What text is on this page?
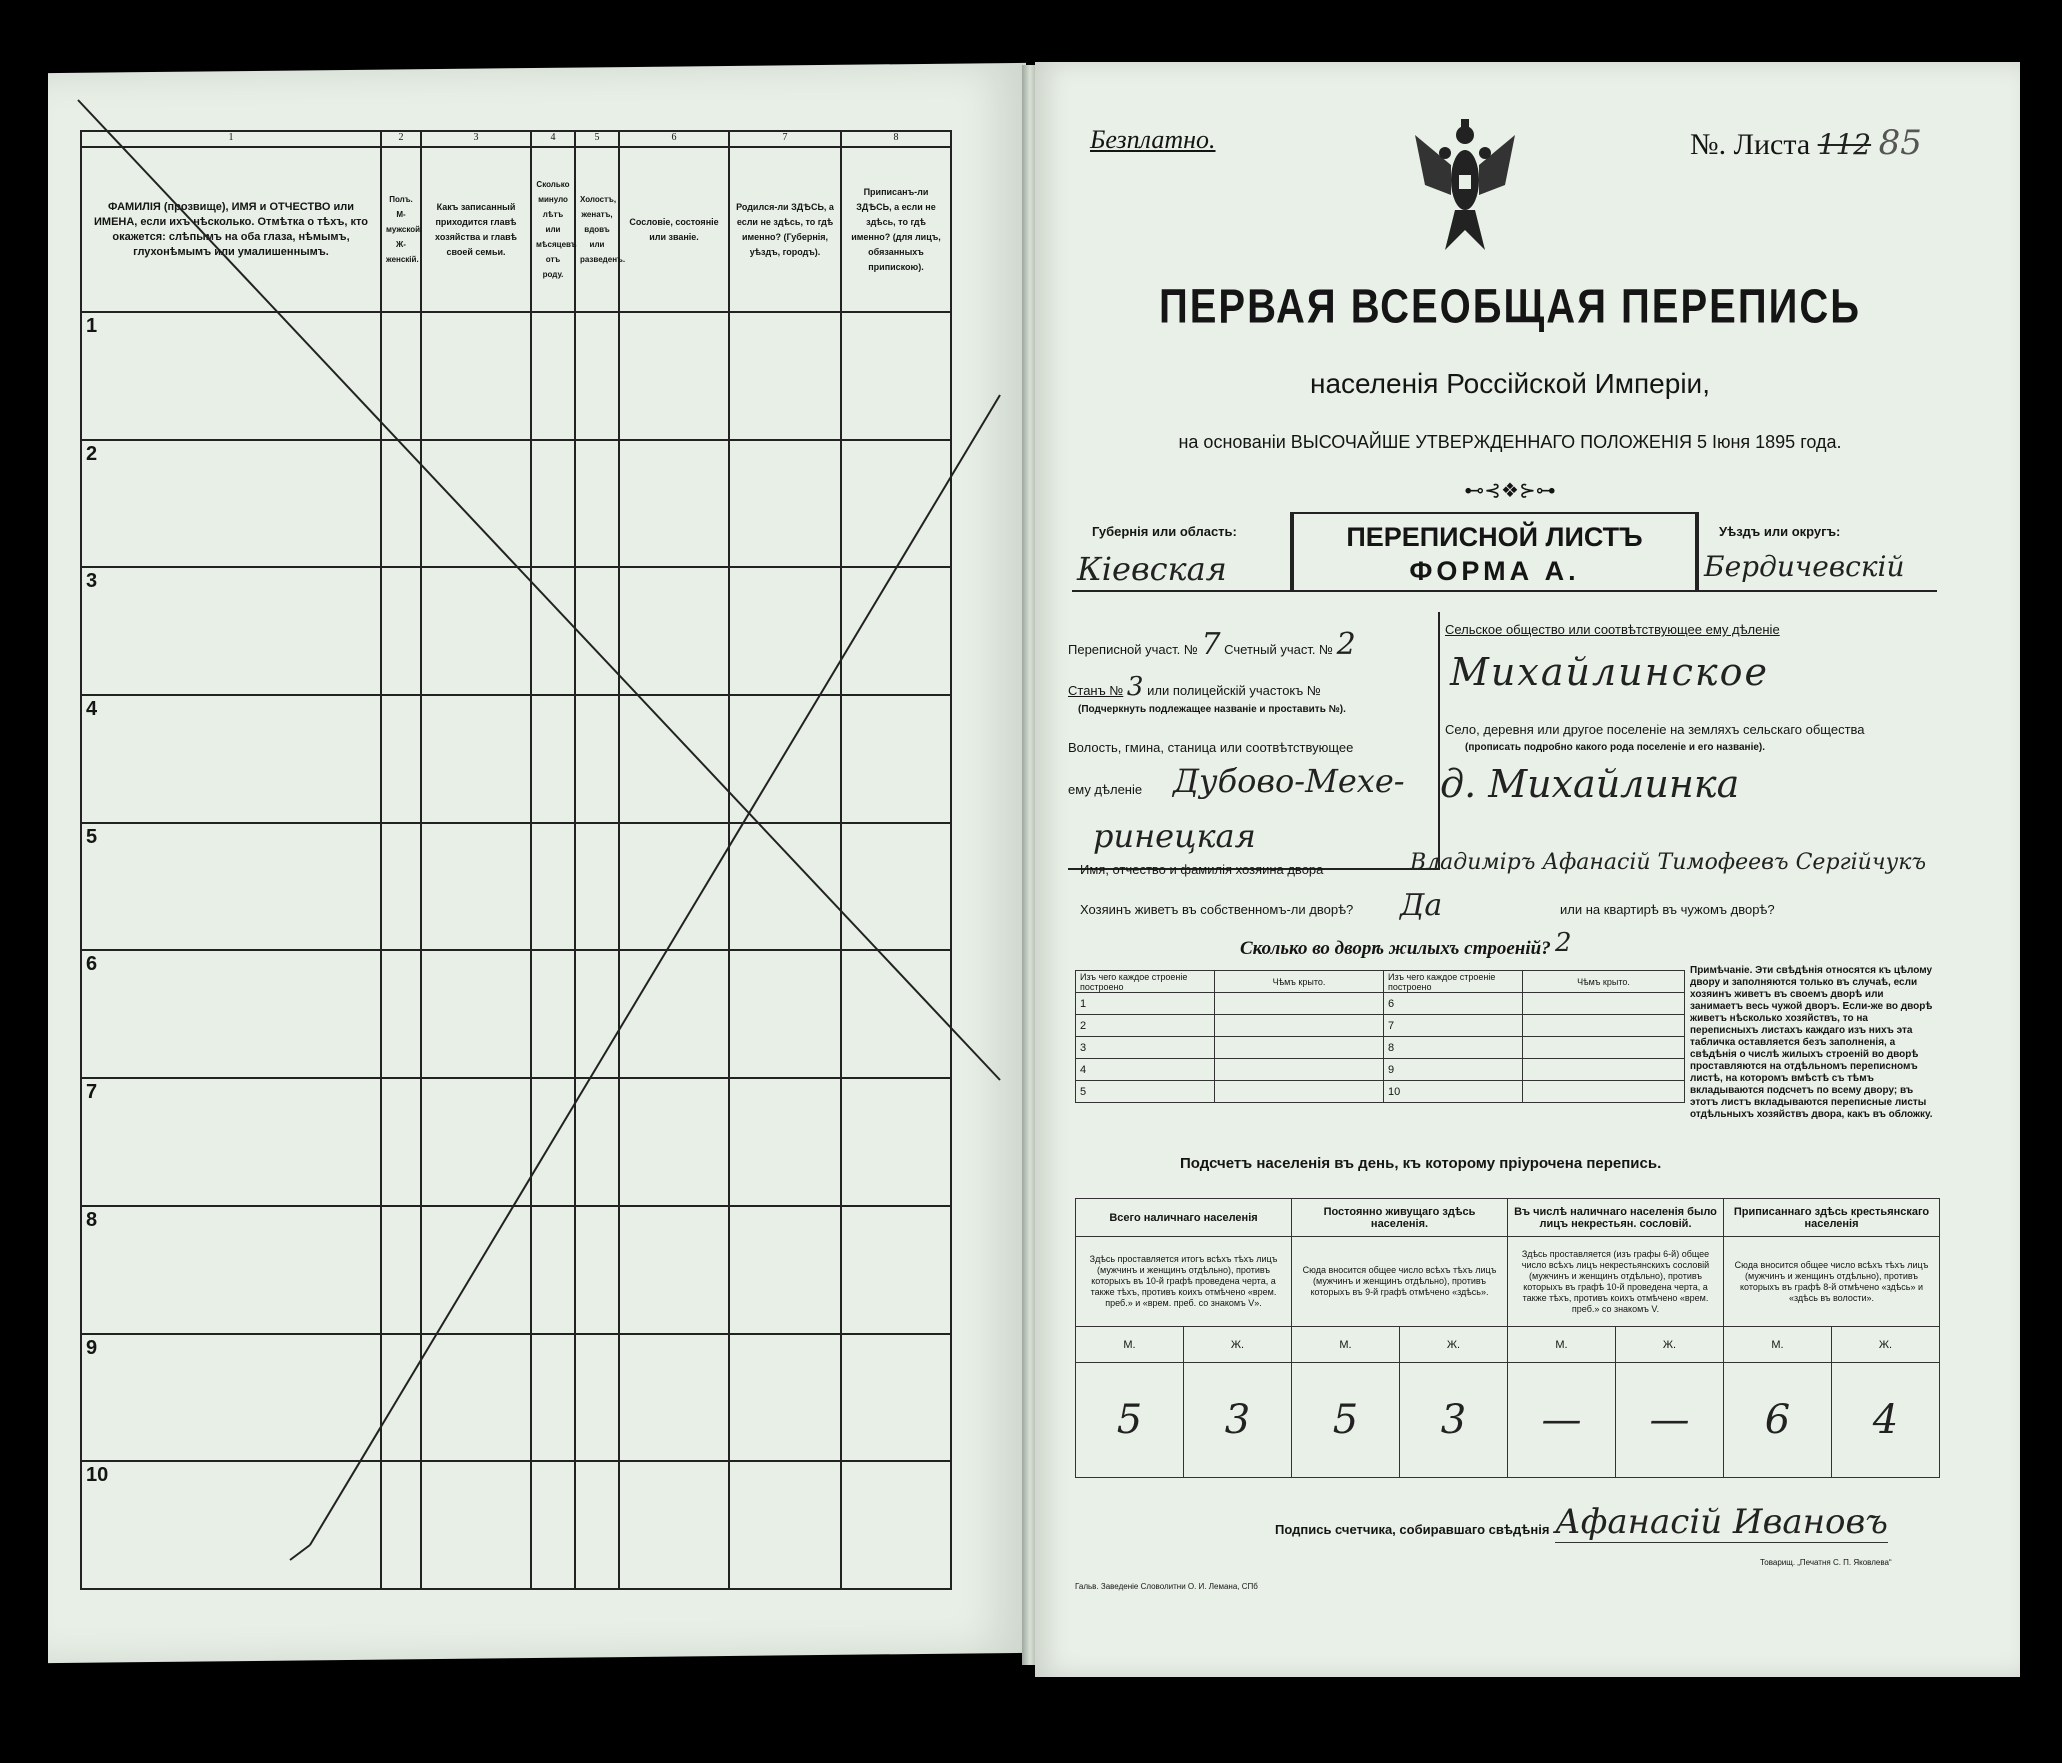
1	2	3	4	5	6	7	8
ФАМИЛІЯ (прозвище), ИМЯ и ОТЧЕСТВО или ИМЕНА, если ихъ нѣсколько. Отмѣтка о тѣхъ, кто окажется: слѣпымъ на оба глаза, нѣмымъ, глухонѣмымъ или умалишеннымъ.	Полъ. М-мужской. Ж-женскій.	Какъ записанный приходится главѣ хозяйства и главѣ своей семьи.	Сколько минуло лѣтъ или мѣсяцевъ отъ роду.	Холостъ, женатъ, вдовъ или разведенъ.	Сословіе, состояніе или званіе.	Родился-ли ЗДѢСЬ, а если не здѣсь, то гдѣ именно? (Губернія, уѣздъ, городъ).	Приписанъ-ли ЗДѢСЬ, а если не здѣсь, то гдѣ именно? (для лицъ, обязанныхъ припискою).
1							
2							
3							
4							
5							
6							
7							
8							
9							
10							
Безплатно.	№. Листа 112 85
ПЕРВАЯ ВСЕОБЩАЯ ПЕРЕПИСЬ
населенія Россійской Имперіи,
на основаніи ВЫСОЧАЙШЕ УТВЕРЖДЕННАГО ПОЛОЖЕНІЯ 5 Іюня 1895 года.
⊷⊰❖⊱⊶
Губернія или область:
Кіевская
ПЕРЕПИСНОЙ ЛИСТЪ
ФОРМА А.
Уѣздъ или округъ:
Бердичевскій
Переписной участ. № 7 Счетный участ. № 2
Станъ № 3 или полицейскій участокъ №
(Подчеркнуть подлежащее названіе и проставить №).
Волость, гмина, станица или соотвѣтствующее
ему дѣленіе Дубово-Мехе-
ринецкая
Сельское общество или соотвѣтствующее ему дѣленіе
Михайлинское
Село, деревня или другое поселеніе на земляхъ сельскаго общества
(прописать подробно какого рода поселеніе и его названіе).
д. Михайлинка
Имя, отчество и фамилія хозяина двора	Владиміръ Афанасій Тимофеевъ Сергійчукъ
Хозяинъ живетъ въ собственномъ-ли дворѣ? Да	или на квартирѣ въ чужомъ дворѣ?
Сколько во дворѣ жилыхъ строеній? 2
Изъ чего каждое строеніе построено	Чѣмъ крыто.	Изъ чего каждое строеніе построено	Чѣмъ крыто.
1		6	
2		7	
3		8	
4		9	
5		10	
Примѣчаніе. Эти свѣдѣнія относятся къ цѣлому двору и заполняются только въ случаѣ, если хозяинъ живетъ въ своемъ дворѣ или занимаетъ весь чужой дворъ. Если-же во дворѣ живетъ нѣсколько хозяйствъ, то на переписныхъ листахъ каждаго изъ нихъ эта табличка оставляется безъ заполненія, а свѣдѣнія о числѣ жилыхъ строеній во дворѣ проставляются на отдѣльномъ переписномъ листѣ, на которомъ вмѣстѣ съ тѣмъ вкладываются подсчетъ по всему двору; въ этотъ листъ вкладываются переписные листы отдѣльныхъ хозяйствъ двора, какъ въ обложку.
Подсчетъ населенія въ день, къ которому пріурочена перепись.
Всего наличнаго населенія		Постоянно живущаго здѣсь населенія.		Въ числѣ наличнаго населенія было лицъ некрестьян. сословій.		Приписаннаго здѣсь крестьянскаго населенія	
Здѣсь проставляется итогъ всѣхъ тѣхъ лицъ (мужчинъ и женщинъ отдѣльно), противъ которыхъ въ 10-й графѣ проведена черта, а также тѣхъ, противъ коихъ отмѣчено «врем. преб.» и «врем. преб. со знакомъ V».		Сюда вносится общее число всѣхъ тѣхъ лицъ (мужчинъ и женщинъ отдѣльно), противъ которыхъ въ 9-й графѣ отмѣчено «здѣсь».		Здѣсь проставляется (изъ графы 6-й) общее число всѣхъ лицъ некрестьянскихъ сословій (мужчинъ и женщинъ отдѣльно), противъ которыхъ въ графѣ 10-й проведена черта, а также тѣхъ, противъ коихъ отмѣчено «врем. преб.» со знакомъ V.		Сюда вносится общее число всѣхъ тѣхъ лицъ (мужчинъ и женщинъ отдѣльно), противъ которыхъ въ графѣ 8-й отмѣчено «здѣсь» и «здѣсь въ волости».	
М.	Ж.	М.	Ж.	М.	Ж.	М.	Ж.
5	3	5	3	—	—	6	4
Подпись счетчика, собиравшаго свѣдѣнія Афанасій Ивановъ
Гальв. Заведеніе Словолитни О. И. Лемана, СПб
Товарищ. „Печатня С. П. Яковлева“
